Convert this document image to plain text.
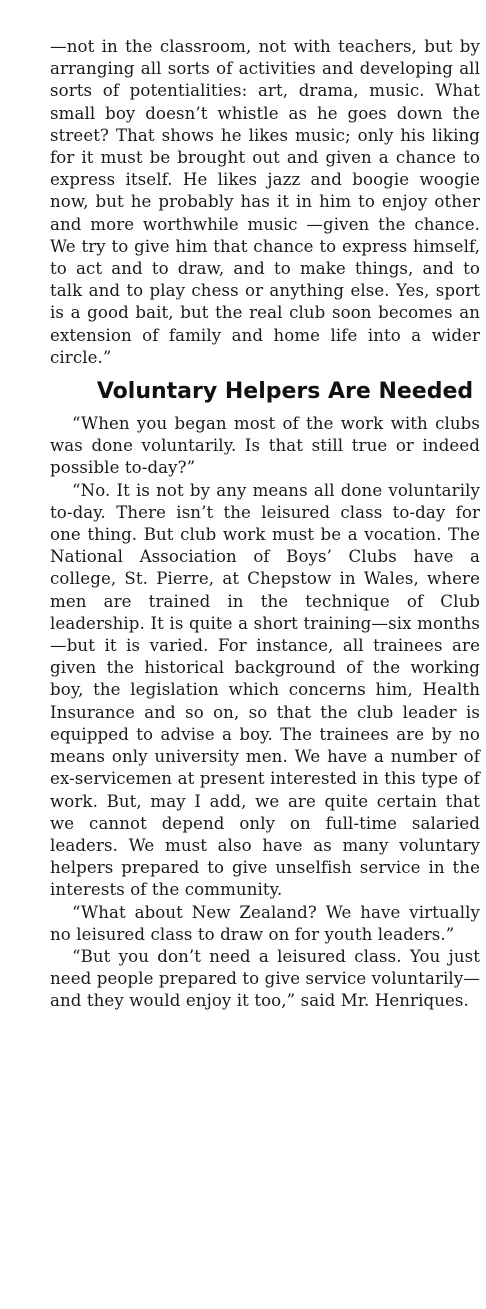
—not in the classroom, not with teachers, but by arranging all sorts of activities and developing all sorts of potentialities: art, drama, music. What small boy doesn’t whistle as he goes down the street? That shows he likes music; only his liking for it must be brought out and given a chance to express itself. He likes jazz and boogie woogie now, but he probably has it in him to enjoy other and more worthwhile music —given the chance. We try to give him that chance to express himself, to act and to draw, and to make things, and to talk and to play chess or anything else. Yes, sport is a good bait, but the real club soon becomes an extension of family and home life into a wider circle.”

Voluntary Helpers Are Needed

“When you began most of the work with clubs was done voluntarily. Is that still true or indeed possible to-day?”

“No. It is not by any means all done voluntarily to-day. There isn’t the leisured class to-day for one thing. But club work must be a vocation. The National Association of Boys’ Clubs have a college, St. Pierre, at Chepstow in Wales, where men are trained in the technique of Club leadership. It is quite a short training—six months—but it is varied. For instance, all trainees are given the historical background of the working boy, the legislation which concerns him, Health Insurance and so on, so that the club leader is equipped to advise a boy. The trainees are by no means only university men. We have a number of ex-servicemen at present interested in this type of work. But, may I add, we are quite certain that we cannot depend only on full-time salaried leaders. We must also have as many voluntary helpers prepared to give unselfish service in the interests of the community.

“What about New Zealand? We have virtually no leisured class to draw on for youth leaders.”

“But you don’t need a leisured class. You just need people prepared to give service voluntarily—and they would enjoy it too,” said Mr. Henriques.
